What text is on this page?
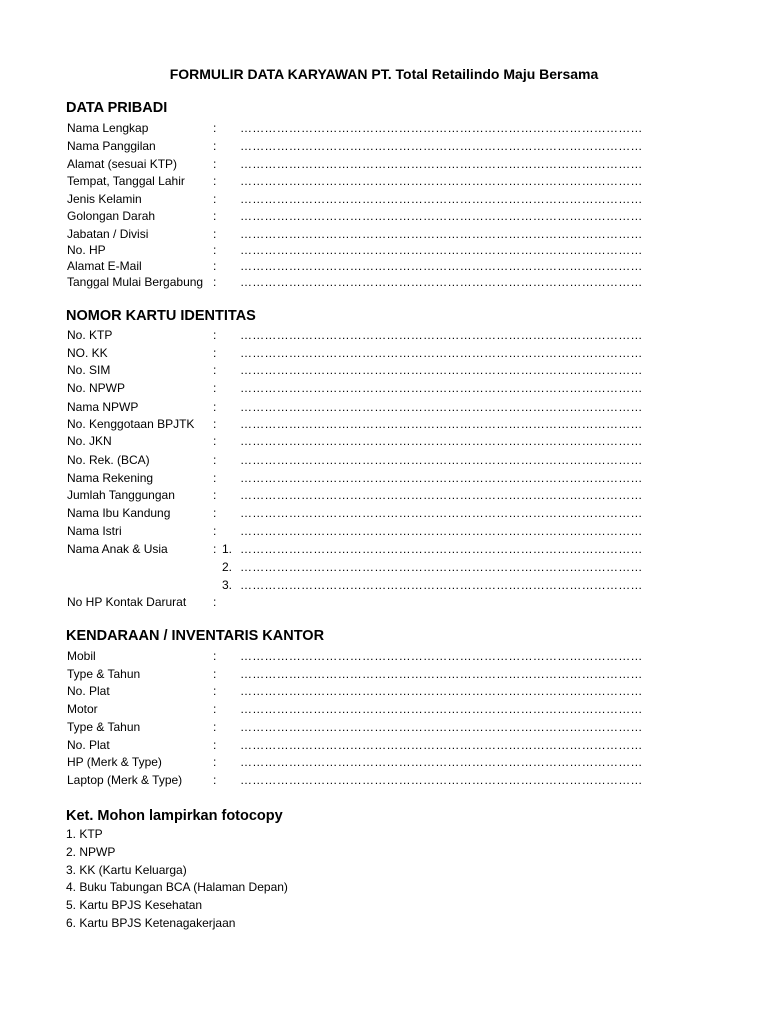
FORMULIR DATA KARYAWAN PT. Total Retailindo Maju Bersama
DATA PRIBADI
Nama Lengkap	: ………………………………………………………………………………………
Nama Panggilan	: ………………………………………………………………………………………
Alamat (sesuai KTP)	: ………………………………………………………………………………………
Tempat, Tanggal Lahir : ………………………………………………………………………………………
Jenis Kelamin	: ………………………………………………………………………………………
Golongan Darah	: ………………………………………………………………………………………
Jabatan / Divisi	: ………………………………………………………………………………………
No. HP	: ………………………………………………………………………………………
Alamat E-Mail	: ………………………………………………………………………………………
Tanggal Mulai Bergabung : ………………………………………………………………………………………
NOMOR KARTU IDENTITAS
No. KTP	: ………………………………………………………………………………………
NO. KK	: ………………………………………………………………………………………
No. SIM	: ………………………………………………………………………………………
No. NPWP	: ………………………………………………………………………………………
Nama NPWP	: ………………………………………………………………………………………
No. Kenggotaan BPJTK : ………………………………………………………………………………………
No. JKN	: ………………………………………………………………………………………
No. Rek. (BCA)	: ………………………………………………………………………………………
Nama Rekening	: ………………………………………………………………………………………
Jumlah Tanggungan	: ………………………………………………………………………………………
Nama Ibu Kandung	: ………………………………………………………………………………………
Nama Istri	: ………………………………………………………………………………………
Nama Anak & Usia	: 1. ………………………………………………………………………………………
2. ………………………………………………………………………………………
3. ………………………………………………………………………………………
No HP Kontak Darurat :
KENDARAAN / INVENTARIS KANTOR
Mobil	: ………………………………………………………………………………………
Type & Tahun	: ………………………………………………………………………………………
No. Plat	: ………………………………………………………………………………………
Motor	: ………………………………………………………………………………………
Type & Tahun	: ………………………………………………………………………………………
No. Plat	: ………………………………………………………………………………………
HP (Merk & Type)	: ………………………………………………………………………………………
Laptop (Merk & Type)	: ………………………………………………………………………………………
Ket. Mohon lampirkan fotocopy
1. KTP
2. NPWP
3. KK (Kartu Keluarga)
4. Buku Tabungan BCA (Halaman Depan)
5. Kartu BPJS Kesehatan
6. Kartu BPJS Ketenagakerjaan
